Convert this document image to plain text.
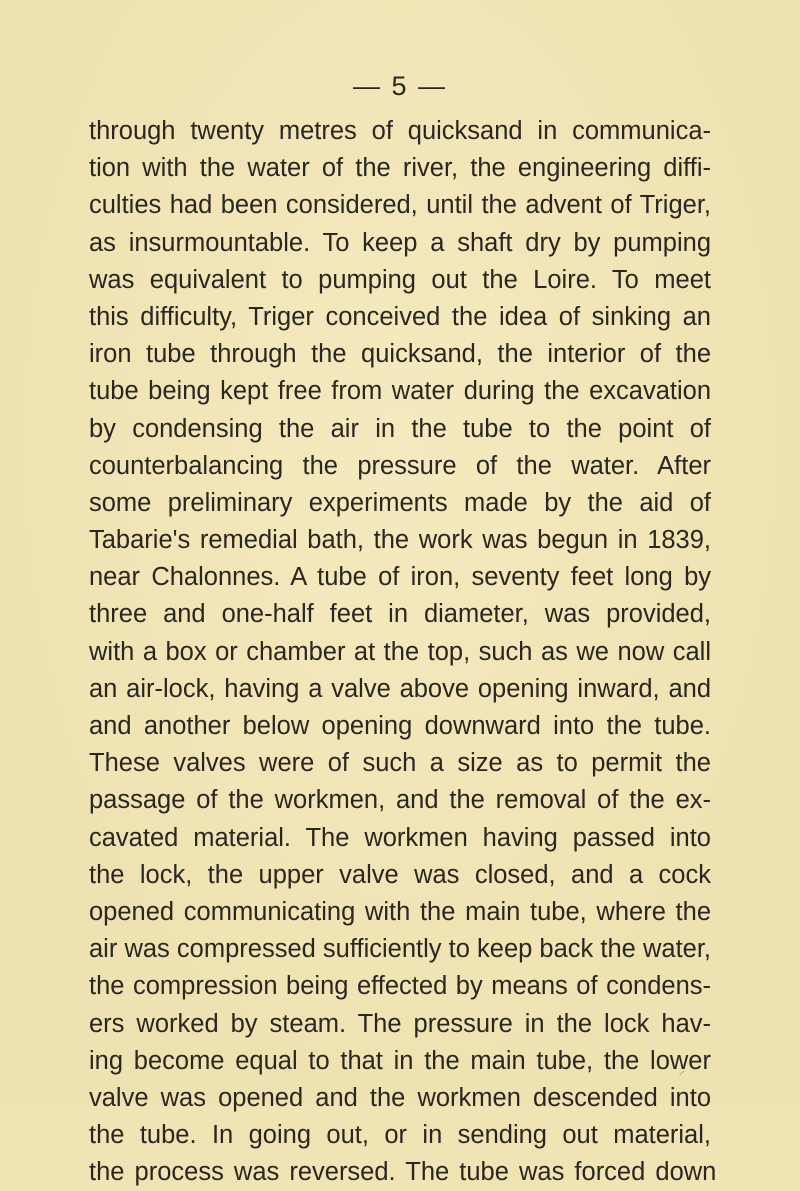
— 5 —
through twenty metres of quicksand in communica-
tion with the water of the river, the engineering diffi-
culties had been considered, until the advent of Triger,
as insurmountable. To keep a shaft dry by pumping
was equivalent to pumping out the Loire. To meet
this difficulty, Triger conceived the idea of sinking an
iron tube through the quicksand, the interior of the
tube being kept free from water during the excavation
by condensing the air in the tube to the point of
counterbalancing the pressure of the water. After
some preliminary experiments made by the aid of
Tabarie's remedial bath, the work was begun in 1839,
near Chalonnes. A tube of iron, seventy feet long by
three and one-half feet in diameter, was provided,
with a box or chamber at the top, such as we now call
an air-lock, having a valve above opening inward, and
and another below opening downward into the tube.
These valves were of such a size as to permit the
passage of the workmen, and the removal of the ex-
cavated material. The workmen having passed into
the lock, the upper valve was closed, and a cock
opened communicating with the main tube, where the
air was compressed sufficiently to keep back the water,
the compression being effected by means of condens-
ers worked by steam. The pressure in the lock hav-
ing become equal to that in the main tube, the lower
valve was opened and the workmen descended into
the tube. In going out, or in sending out material,
the process was reversed. The tube was forced down
